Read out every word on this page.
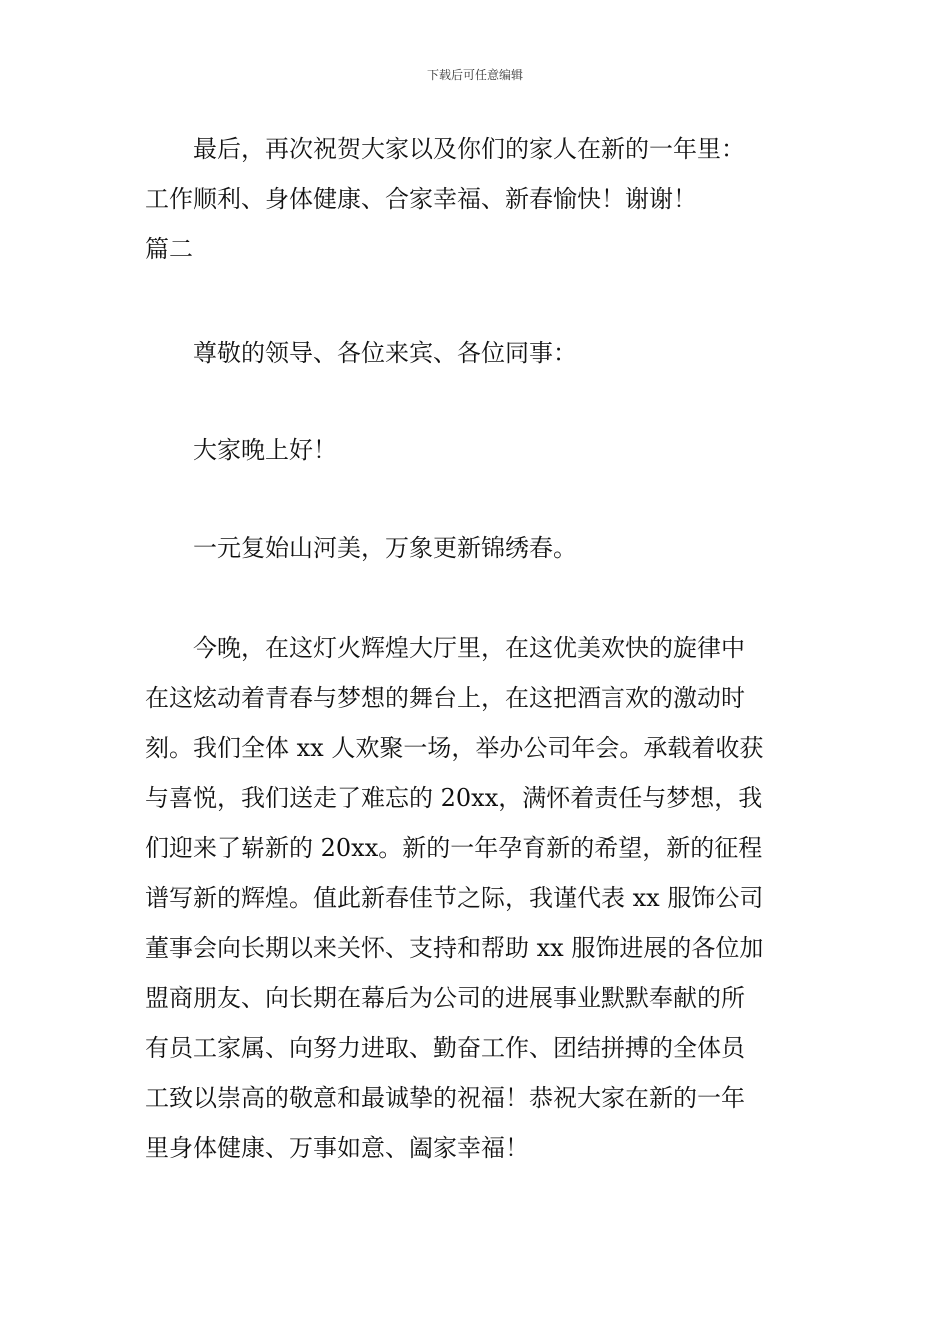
下载后可任意编辑
　　最后，再次祝贺大家以及你们的家人在新的一年里：
工作顺利、身体健康、合家幸福、新春愉快！谢谢！
篇二
　　尊敬的领导、各位来宾、各位同事：
　　大家晚上好！
　　一元复始山河美，万象更新锦绣春。
　　今晚，在这灯火辉煌大厅里，在这优美欢快的旋律中
在这炫动着青春与梦想的舞台上，在这把酒言欢的激动时
刻。我们全体 xx 人欢聚一场，举办公司年会。承载着收获
与喜悦，我们送走了难忘的 20xx，满怀着责任与梦想，我
们迎来了崭新的 20xx。新的一年孕育新的希望，新的征程
谱写新的辉煌。值此新春佳节之际，我谨代表 xx 服饰公司
董事会向长期以来关怀、支持和帮助 xx 服饰进展的各位加
盟商朋友、向长期在幕后为公司的进展事业默默奉献的所
有员工家属、向努力进取、勤奋工作、团结拼搏的全体员
工致以崇高的敬意和最诚挚的祝福！恭祝大家在新的一年
里身体健康、万事如意、阖家幸福！
